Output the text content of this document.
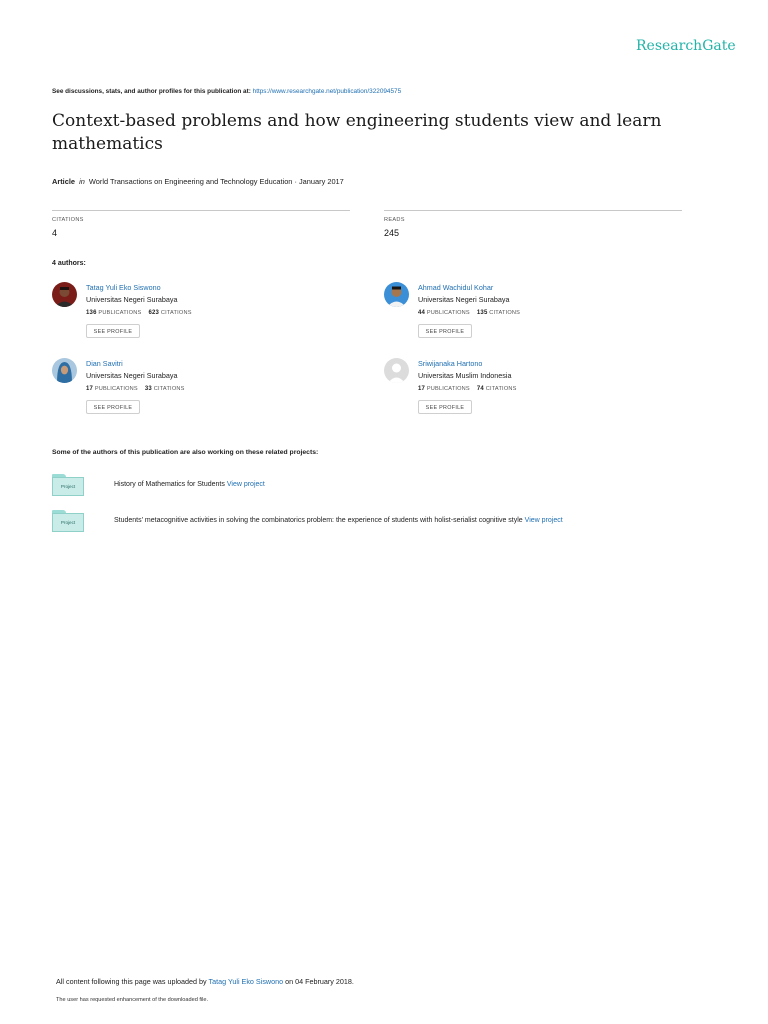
ResearchGate
See discussions, stats, and author profiles for this publication at: https://www.researchgate.net/publication/322094575
Context-based problems and how engineering students view and learn mathematics
Article in World Transactions on Engineering and Technology Education · January 2017
CITATIONS
4
READS
245
4 authors:
Tatag Yuli Eko Siswono
Universitas Negeri Surabaya
136 PUBLICATIONS 623 CITATIONS
SEE PROFILE
Ahmad Wachidul Kohar
Universitas Negeri Surabaya
44 PUBLICATIONS 135 CITATIONS
SEE PROFILE
Dian Savitri
Universitas Negeri Surabaya
17 PUBLICATIONS 33 CITATIONS
SEE PROFILE
Sriwijanaka Hartono
Universitas Muslim Indonesia
17 PUBLICATIONS 74 CITATIONS
SEE PROFILE
Some of the authors of this publication are also working on these related projects:
Project	History of Mathematics for Students View project
Project	Students' metacognitive activities in solving the combinatorics problem: the experience of students with holist-serialist cognitive style View project
All content following this page was uploaded by Tatag Yuli Eko Siswono on 04 February 2018.
The user has requested enhancement of the downloaded file.
